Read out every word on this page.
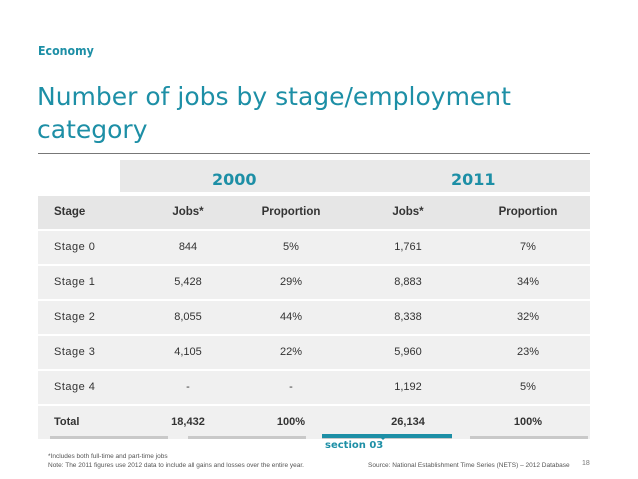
Economy
Number of jobs by stage/employment category
2000	2011
Stage	Jobs*	Proportion	Jobs*	Proportion
Stage 0	844	5%	1,761	7%
Stage 1	5,428	29%	8,883	34%
Stage 2	8,055	44%	8,338	32%
Stage 3	4,105	22%	5,960	23%
Stage 4	-	-	1,192	5%
Total	18,432	100%	26,134	100%
section 03
*Includes both full-time and part-time jobs
Note: The 2011 figures use 2012 data to include all gains and losses over the entire year.	Source: National Establishment Time Series (NETS) – 2012 Database 18
